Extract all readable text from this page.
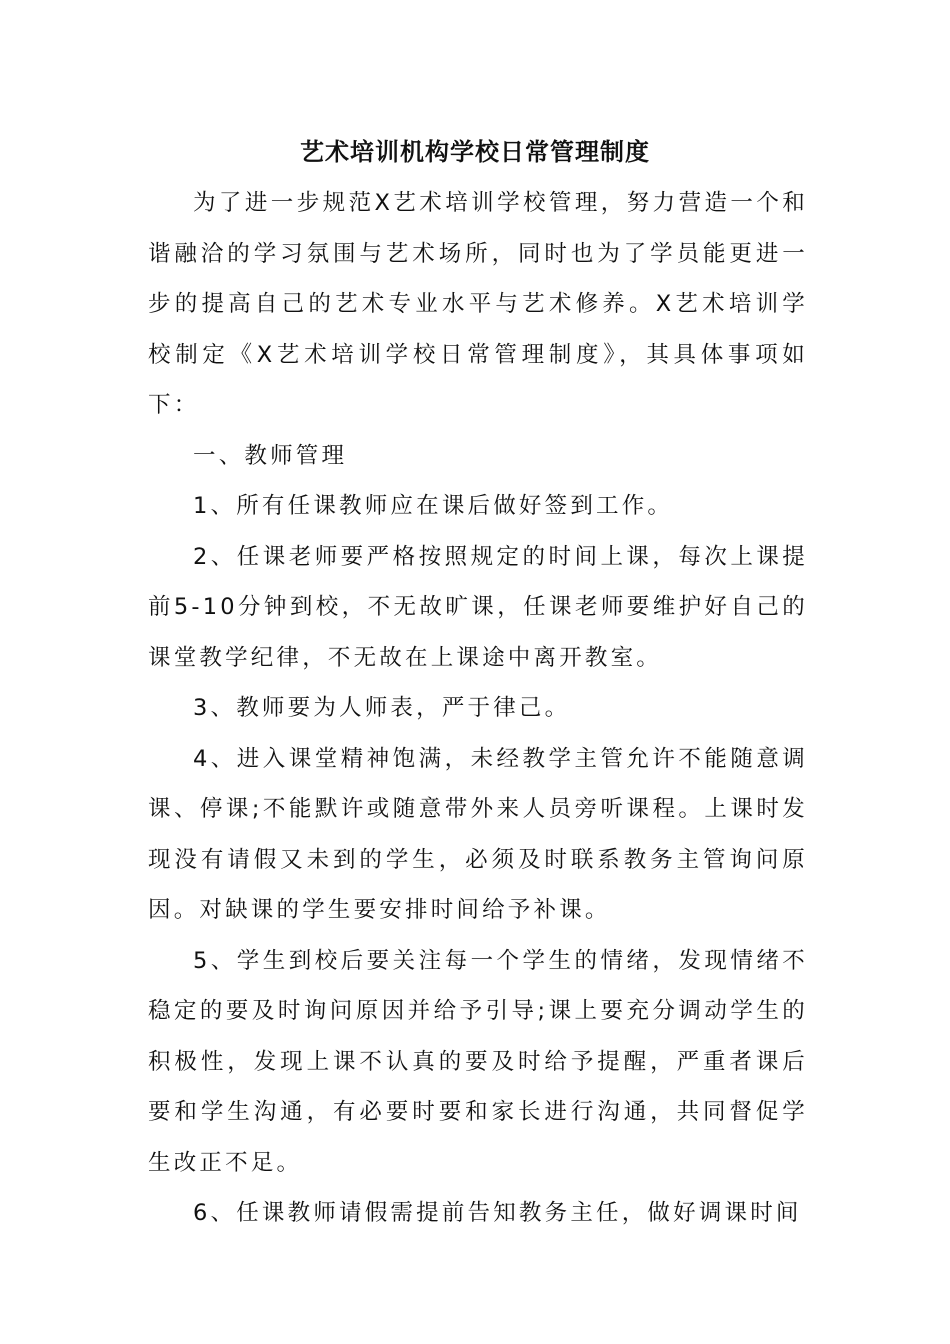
艺术培训机构学校日常管理制度

为了进一步规范X艺术培训学校管理，努力营造一个和谐融洽的学习氛围与艺术场所，同时也为了学员能更进一步的提高自己的艺术专业水平与艺术修养。X艺术培训学校制定《X艺术培训学校日常管理制度》，其具体事项如下：

一、教师管理

1、所有任课教师应在课后做好签到工作。

2、任课老师要严格按照规定的时间上课，每次上课提前5-10分钟到校，不无故旷课，任课老师要维护好自己的课堂教学纪律，不无故在上课途中离开教室。

3、教师要为人师表，严于律己。

4、进入课堂精神饱满，未经教学主管允许不能随意调课、停课;不能默许或随意带外来人员旁听课程。上课时发现没有请假又未到的学生，必须及时联系教务主管询问原因。对缺课的学生要安排时间给予补课。

5、学生到校后要关注每一个学生的情绪，发现情绪不稳定的要及时询问原因并给予引导;课上要充分调动学生的积极性，发现上课不认真的要及时给予提醒，严重者课后要和学生沟通，有必要时要和家长进行沟通，共同督促学生改正不足。

6、任课教师请假需提前告知教务主任，做好调课时间
